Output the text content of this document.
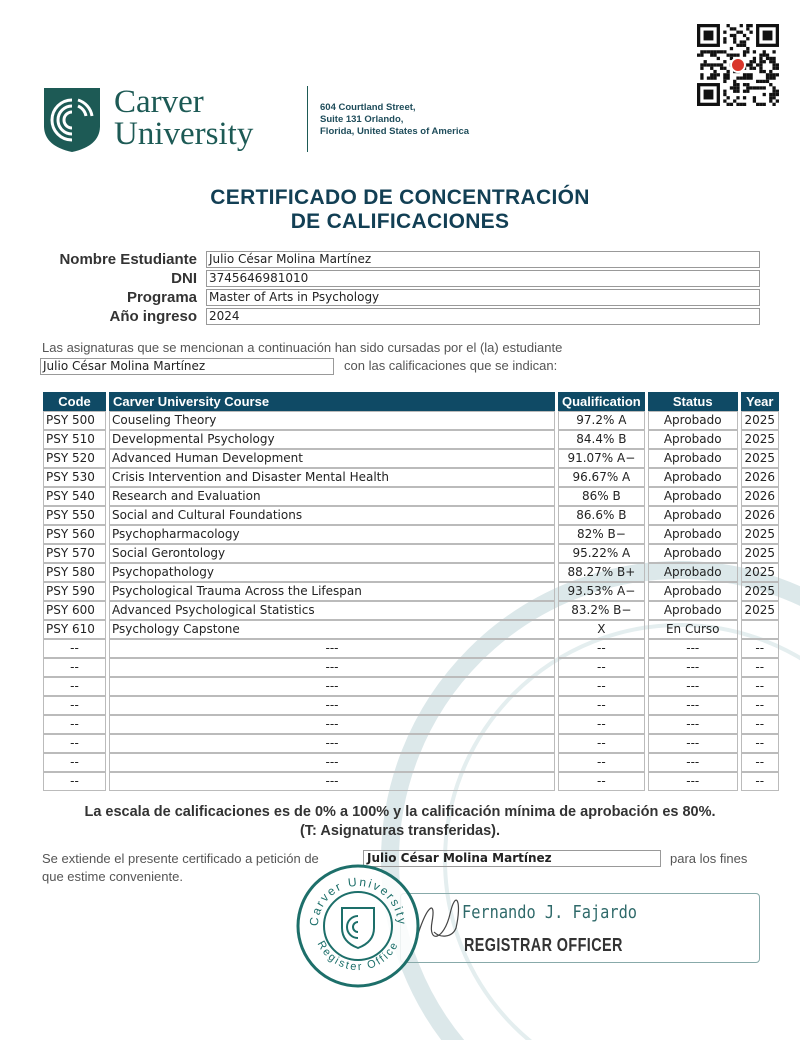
Carver
University
604 Courtland Street,
Suite 131 Orlando,
Florida, United States of America
CERTIFICADO DE CONCENTRACIÓN
DE CALIFICACIONES
Nombre Estudiante Julio César Molina Martínez
DNI 3745646981010
Programa Master of Arts in Psychology
Año ingreso 2024
Las asignaturas que se mencionan a continuación han sido cursadas por el (la) estudiante
Julio César Molina Martínez	con las calificaciones que se indican:
Code	Carver University Course	Qualification	Status	Year
PSY 500	Couseling Theory	97.2% A	Aprobado	2025
PSY 510	Developmental Psychology	84.4% B	Aprobado	2025
PSY 520	Advanced Human Development	91.07% A−	Aprobado	2025
PSY 530	Crisis Intervention and Disaster Mental Health	96.67% A	Aprobado	2026
PSY 540	Research and Evaluation	86% B	Aprobado	2026
PSY 550	Social and Cultural Foundations	86.6% B	Aprobado	2026
PSY 560	Psychopharmacology	82% B−	Aprobado	2025
PSY 570	Social Gerontology	95.22% A	Aprobado	2025
PSY 580	Psychopathology	88.27% B+	Aprobado	2025
PSY 590	Psychological Trauma Across the Lifespan	93.53% A−	Aprobado	2025
PSY 600	Advanced Psychological Statistics	83.2% B−	Aprobado	2025
PSY 610	Psychology Capstone	X	En Curso	
--	---	--	---	--
--	---	--	---	--
--	---	--	---	--
--	---	--	---	--
--	---	--	---	--
--	---	--	---	--
--	---	--	---	--
--	---	--	---	--
La escala de calificaciones es de 0% a 100% y la calificación mínima de aprobación es 80%.
(T: Asignaturas transferidas).
Se extiende el presente certificado a petición de	Julio César Molina Martínez	para los fines
que estime conveniente.
Fernando J. Fajardo
REGISTRAR OFFICER
Carver University
Register Office
